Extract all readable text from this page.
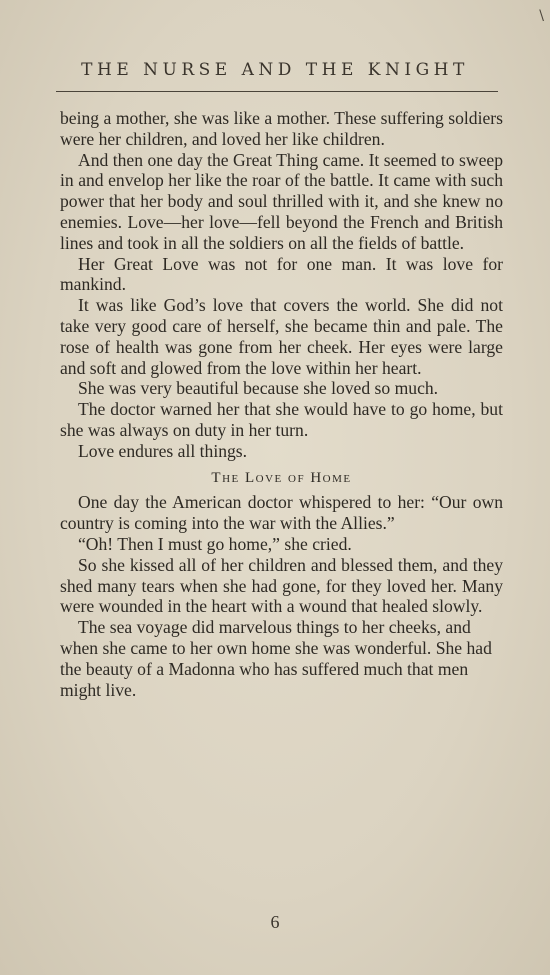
\
THE NURSE AND THE KNIGHT

being a mother, she was like a mother. These suffering soldiers were her children, and loved her like children.

And then one day the Great Thing came. It seemed to sweep in and envelop her like the roar of the battle. It came with such power that her body and soul thrilled with it, and she knew no enemies. Love—her love—fell beyond the French and British lines and took in all the soldiers on all the fields of battle.

Her Great Love was not for one man. It was love for mankind.

It was like God’s love that covers the world. She did not take very good care of herself, she became thin and pale. The rose of health was gone from her cheek. Her eyes were large and soft and glowed from the love within her heart.

She was very beautiful because she loved so much.

The doctor warned her that she would have to go home, but she was always on duty in her turn.

Love endures all things.

The Love of Home

One day the American doctor whispered to her: “Our own country is coming into the war with the Allies.”

“Oh! Then I must go home,” she cried.

So she kissed all of her children and blessed them, and they shed many tears when she had gone, for they loved her. Many were wounded in the heart with a wound that healed slowly.

The sea voyage did marvelous things to her cheeks, and when she came to her own home she was wonderful. She had the beauty of a Madonna who has suffered much that men might live.

6
